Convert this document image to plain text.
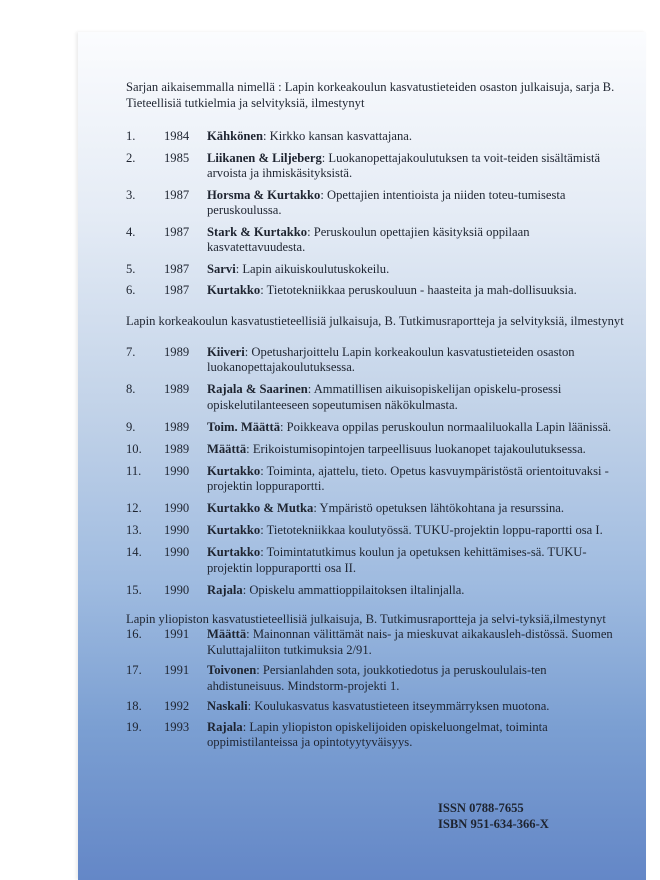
Sarjan aikaisemmalla nimellä : Lapin korkeakoulun kasvatustieteiden osaston julkaisuja, sarja B. Tieteellisiä tutkielmia ja selvityksiä, ilmestynyt

1.	1984	Kähkönen: Kirkko kansan kasvattajana.
2.	1985	Liikanen & Liljeberg: Luokanopettajakoulutuksen ta voit-teiden sisältämistä arvoista ja ihmiskäsityksistä.
3.	1987	Horsma & Kurtakko: Opettajien intentioista ja niiden toteu-tumisesta peruskoulussa.
4.	1987	Stark & Kurtakko: Peruskoulun opettajien käsityksiä oppilaan kasvatettavuudesta.
5.	1987	Sarvi: Lapin aikuiskoulutuskokeilu.
6.	1987	Kurtakko: Tietotekniikkaa peruskouluun - haasteita ja mah-dollisuuksia.

Lapin korkeakoulun kasvatustieteellisiä julkaisuja, B. Tutkimusraportteja ja selvityksiä, ilmestynyt

7.	1989	Kiiveri: Opetusharjoittelu Lapin korkeakoulun kasvatustieteiden osaston luokanopettajakoulutuksessa.
8.	1989	Rajala & Saarinen: Ammatillisen aikuisopiskelijan opiskelu-prosessi opiskelutilanteeseen sopeutumisen näkökulmasta.
9.	1989	Toim. Määttä: Poikkeava oppilas peruskoulun normaaliluokalla Lapin läänissä.
10.	1989	Määttä: Erikoistumisopintojen tarpeellisuus luokanopet tajakoulutuksessa.
11.	1990	Kurtakko: Toiminta, ajattelu, tieto. Opetus kasvuympäristöstä orientoituvaksi -projektin loppuraportti.
12.	1990	Kurtakko & Mutka: Ympäristö opetuksen lähtökohtana ja resurssina.
13.	1990	Kurtakko: Tietotekniikkaa koulutyössä. TUKU-projektin loppu-raportti osa I.
14.	1990	Kurtakko: Toimintatutkimus koulun ja opetuksen kehittämises-sä. TUKU-projektin loppuraportti osa II.
15.	1990	Rajala: Opiskelu ammattioppilaitoksen iltalinjalla.

Lapin yliopiston kasvatustieteellisiä julkaisuja, B. Tutkimusraportteja ja selvi-tyksiä,ilmestynyt

16.	1991	Määttä: Mainonnan välittämät nais- ja mieskuvat aikakausleh-distössä. Suomen Kuluttajaliiton tutkimuksia 2/91.
17.	1991	Toivonen: Persianlahden sota, joukkotiedotus ja peruskoululais-ten ahdistuneisuus. Mindstorm-projekti 1.
18.	1992	Naskali: Koulukasvatus kasvatustieteen itseymmärryksen muotona.
19.	1993	Rajala: Lapin yliopiston opiskelijoiden opiskeluongelmat, toiminta oppimistilanteissa ja opintotyytyväisyys.
ISSN 0788-7655
ISBN 951-634-366-X
